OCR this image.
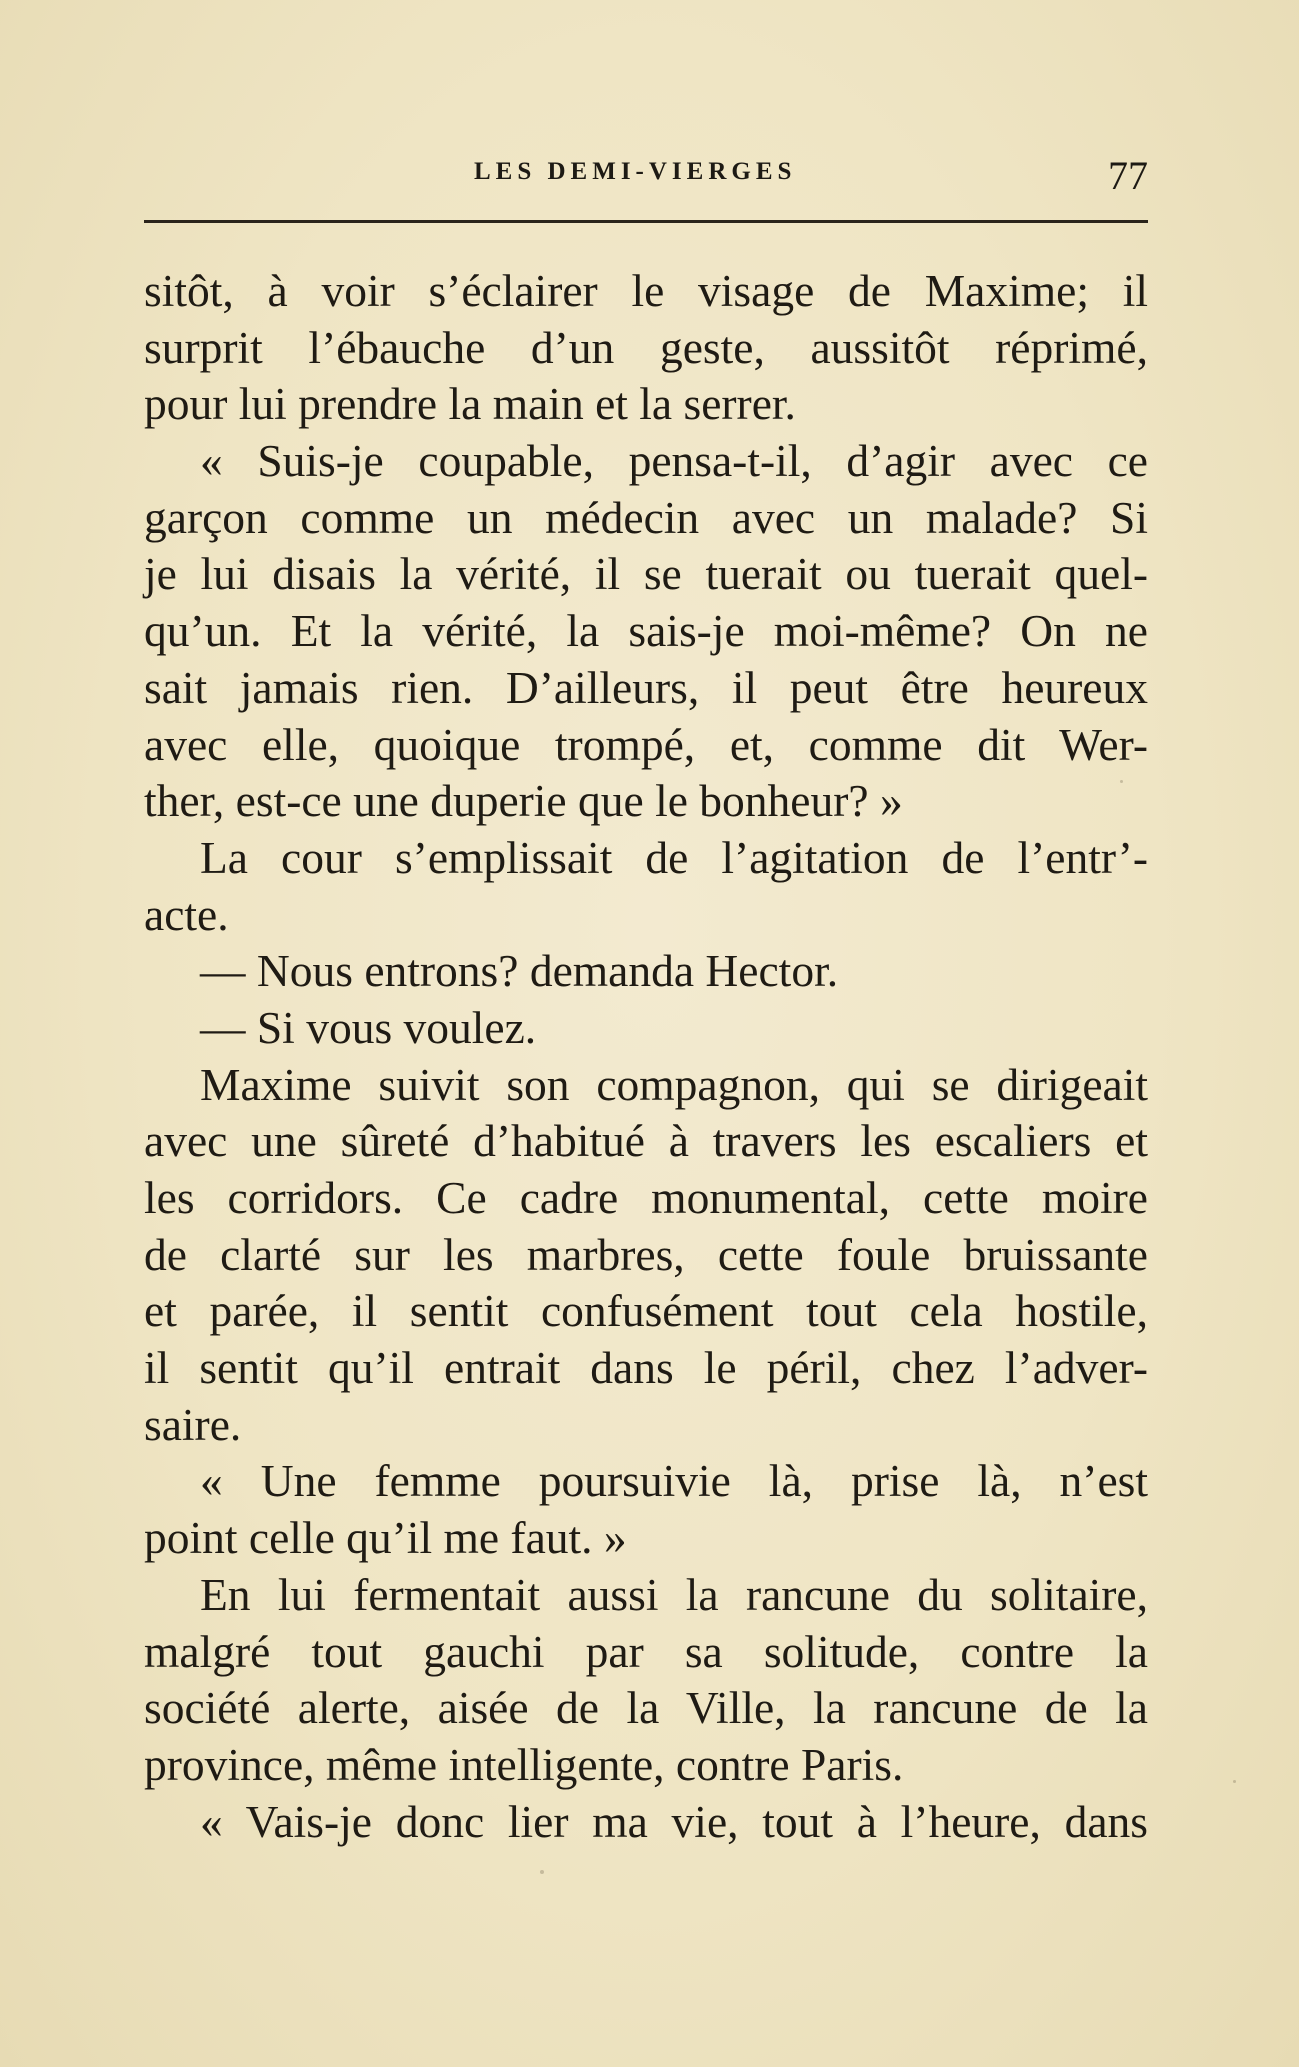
LES DEMI-VIERGES	77
sitôt, à voir s’éclairer le visage de Maxime; il
surprit l’ébauche d’un geste, aussitôt réprimé,
pour lui prendre la main et la serrer.
« Suis-je coupable, pensa-t-il, d’agir avec ce
garçon comme un médecin avec un malade? Si
je lui disais la vérité, il se tuerait ou tuerait quel-
qu’un. Et la vérité, la sais-je moi-même? On ne
sait jamais rien. D’ailleurs, il peut être heureux
avec elle, quoique trompé, et, comme dit Wer-
ther, est-ce une duperie que le bonheur? »
La cour s’emplissait de l’agitation de l’entr’-
acte.
— Nous entrons? demanda Hector.
— Si vous voulez.
Maxime suivit son compagnon, qui se dirigeait
avec une sûreté d’habitué à travers les escaliers et
les corridors. Ce cadre monumental, cette moire
de clarté sur les marbres, cette foule bruissante
et parée, il sentit confusément tout cela hostile,
il sentit qu’il entrait dans le péril, chez l’adver-
saire.
« Une femme poursuivie là, prise là, n’est
point celle qu’il me faut. »
En lui fermentait aussi la rancune du solitaire,
malgré tout gauchi par sa solitude, contre la
société alerte, aisée de la Ville, la rancune de la
province, même intelligente, contre Paris.
« Vais-je donc lier ma vie, tout à l’heure, dans
